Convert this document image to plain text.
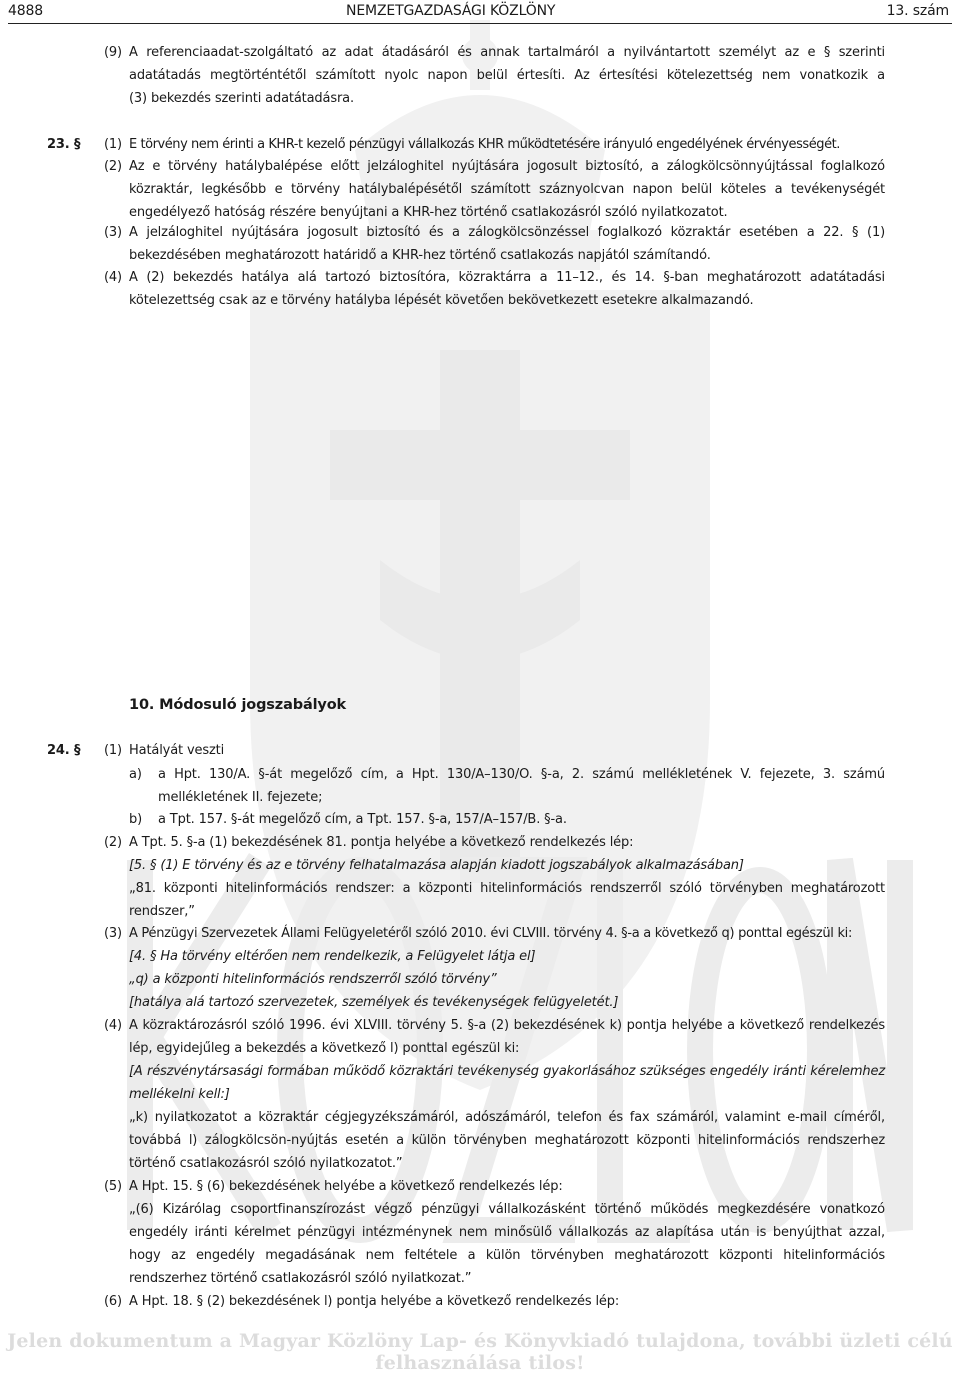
4888	NEMZETGAZDASÁGI KÖZLÖNY	13. szám
(9) A referenciaadat-szolgáltató az adat átadásáról és annak tartalmáról a nyilvántartott személyt az e § szerinti
adatátadás megtörténtétől számított nyolc napon belül értesíti. Az értesítési kötelezettség nem vonatkozik a
(3) bekezdés szerinti adatátadásra.
23. § (1) E törvény nem érinti a KHR-t kezelő pénzügyi vállalkozás KHR működtetésére irányuló engedélyének érvényességét.
(2) Az e törvény hatálybalépése előtt jelzáloghitel nyújtására jogosult biztosító, a zálogkölcsönnyújtással foglalkozó közraktár, legkésőbb e törvény hatálybalépésétől számított száznyolcvan napon belül köteles a tevékenységét engedélyező hatóság részére benyújtani a KHR-hez történő csatlakozásról szóló nyilatkozatot.
(3) A jelzáloghitel nyújtására jogosult biztosító és a zálogkölcsönzéssel foglalkozó közraktár esetében a 22. § (1) bekezdésében meghatározott határidő a KHR-hez történő csatlakozás napjától számítandó.
(4) A (2) bekezdés hatálya alá tartozó biztosítóra, közraktárra a 11–12., és 14. §-ban meghatározott adatátadási kötelezettség csak az e törvény hatályba lépését követően bekövetkezett esetekre alkalmazandó.
10. Módosuló jogszabályok
24. § (1) Hatályát veszti
a) a Hpt. 130/A. §-át megelőző cím, a Hpt. 130/A–130/O. §-a, 2. számú mellékletének V. fejezete, 3. számú mellékletének II. fejezete;
b) a Tpt. 157. §-át megelőző cím, a Tpt. 157. §-a, 157/A–157/B. §-a.
(2) A Tpt. 5. §-a (1) bekezdésének 81. pontja helyébe a következő rendelkezés lép:
[5. § (1) E törvény és az e törvény felhatalmazása alapján kiadott jogszabályok alkalmazásában]
„81. központi hitelinformációs rendszer: a központi hitelinformációs rendszerről szóló törvényben meghatározott rendszer,”
(3) A Pénzügyi Szervezetek Állami Felügyeletéről szóló 2010. évi CLVIII. törvény 4. §-a a következő q) ponttal egészül ki:
[4. § Ha törvény eltérően nem rendelkezik, a Felügyelet látja el]
„q) a központi hitelinformációs rendszerről szóló törvény”
[hatálya alá tartozó szervezetek, személyek és tevékenységek felügyeletét.]
(4) A közraktározásról szóló 1996. évi XLVIII. törvény 5. §-a (2) bekezdésének k) pontja helyébe a következő rendelkezés lép, egyidejűleg a bekezdés a következő l) ponttal egészül ki:
[A részvénytársasági formában működő közraktári tevékenység gyakorlásához szükséges engedély iránti kérelemhez mellékelni kell:]
„k) nyilatkozatot a közraktár cégjegyzékszámáról, adószámáról, telefon és fax számáról, valamint e-mail címéről, továbbá l) zálogkölcsön-nyújtás esetén a külön törvényben meghatározott központi hitelinformációs rendszerhez történő csatlakozásról szóló nyilatkozatot.”
(5) A Hpt. 15. § (6) bekezdésének helyébe a következő rendelkezés lép:
„(6) Kizárólag csoportfinanszírozást végző pénzügyi vállalkozásként történő működés megkezdésére vonatkozó engedély iránti kérelmet pénzügyi intézménynek nem minősülő vállalkozás az alapítása után is benyújthat azzal, hogy az engedély megadásának nem feltétele a külön törvényben meghatározott központi hitelinformációs rendszerhez történő csatlakozásról szóló nyilatkozat.”
(6) A Hpt. 18. § (2) bekezdésének l) pontja helyébe a következő rendelkezés lép:
Jelen dokumentum a Magyar Közlöny Lap- és Könyvkiadó tulajdona, további üzleti célú felhasználása tilos!
